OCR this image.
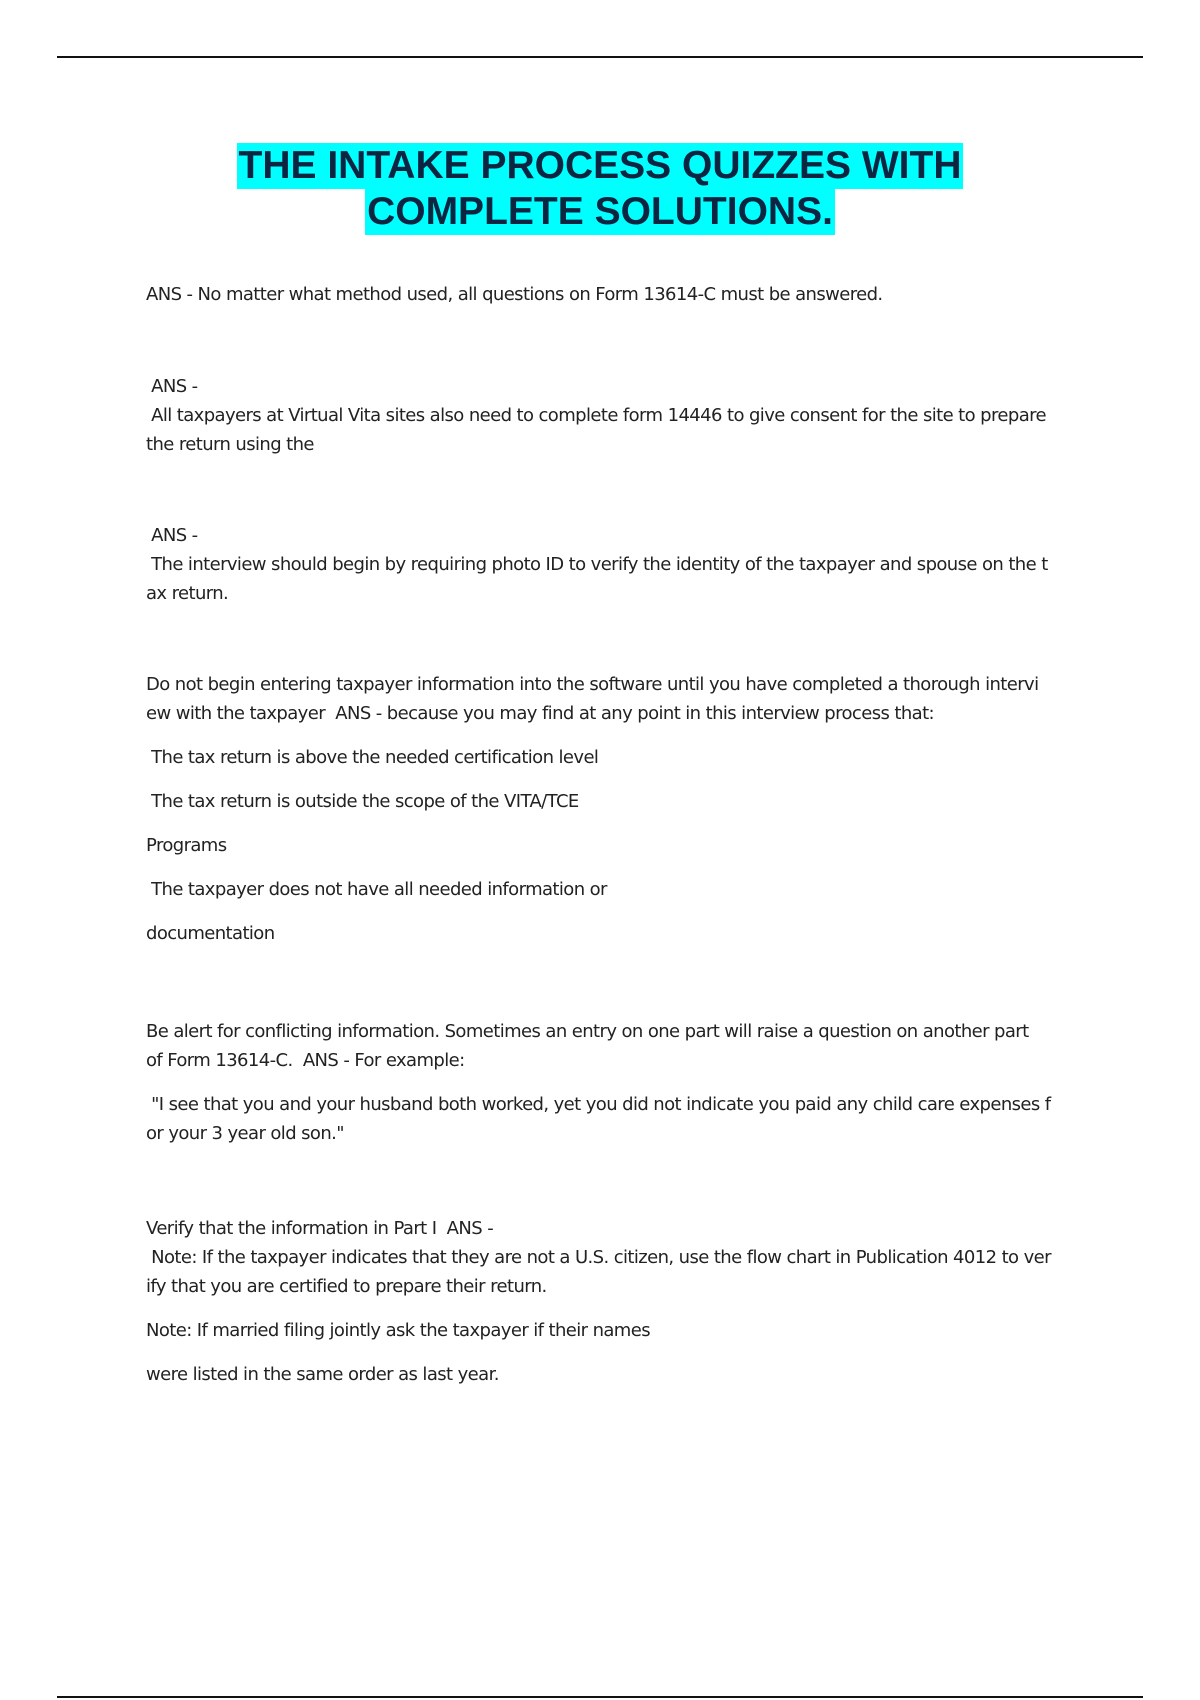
THE INTAKE PROCESS QUIZZES WITH
COMPLETE SOLUTIONS.

ANS - No matter what method used, all questions on Form 13614-C must be answered.

ANS -

All taxpayers at Virtual Vita sites also need to complete form 14446 to give consent for the site to prepare

the return using the

ANS -

The interview should begin by requiring photo ID to verify the identity of the taxpayer and spouse on the t

ax return.

Do not begin entering taxpayer information into the software until you have completed a thorough intervi

ew with the taxpayer  ANS - because you may find at any point in this interview process that:

The tax return is above the needed certification level

The tax return is outside the scope of the VITA/TCE

Programs

The taxpayer does not have all needed information or

documentation

Be alert for conflicting information. Sometimes an entry on one part will raise a question on another part

of Form 13614-C.  ANS - For example:

"I see that you and your husband both worked, yet you did not indicate you paid any child care expenses f

or your 3 year old son."

Verify that the information in Part I  ANS -

Note: If the taxpayer indicates that they are not a U.S. citizen, use the flow chart in Publication 4012 to ver

ify that you are certified to prepare their return.

Note: If married filing jointly ask the taxpayer if their names

were listed in the same order as last year.
